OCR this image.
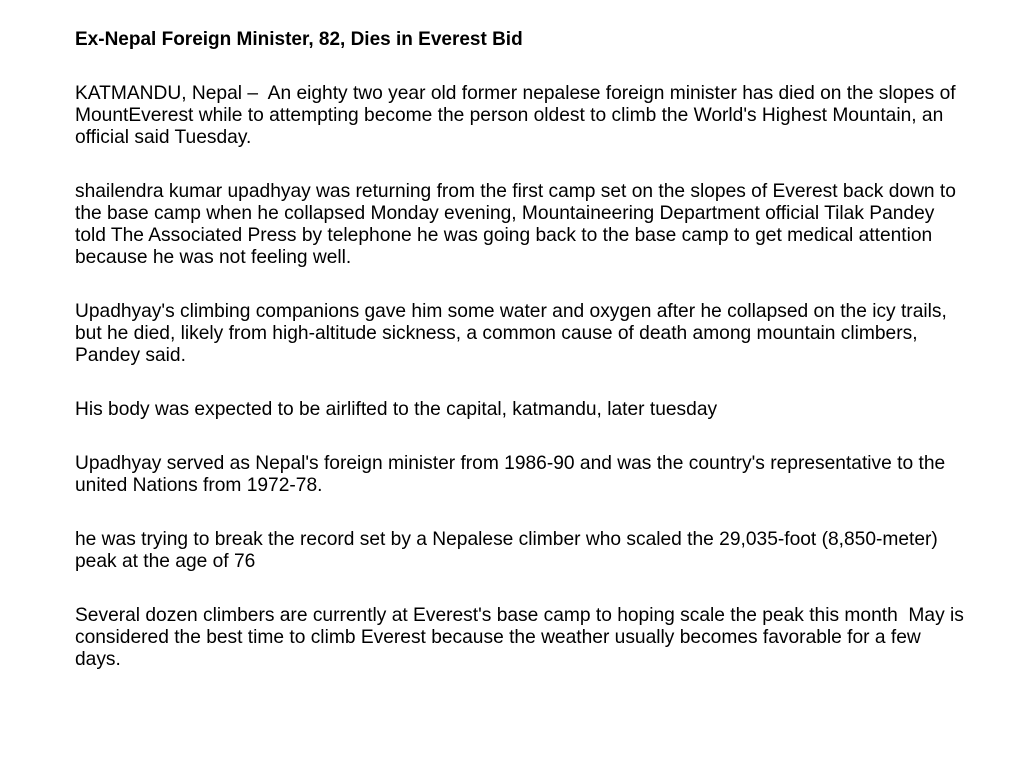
Ex-Nepal Foreign Minister, 82, Dies in Everest Bid

KATMANDU, Nepal –  An eighty two year old former nepalese foreign minister has died on the slopes of MountEverest while to attempting become the person oldest to climb the World's Highest Mountain, an official said Tuesday.

shailendra kumar upadhyay was returning from the first camp set on the slopes of Everest back down to the base camp when he collapsed Monday evening, Mountaineering Department official Tilak Pandey told The Associated Press by telephone he was going back to the base camp to get medical attention because he was not feeling well.

Upadhyay's climbing companions gave him some water and oxygen after he collapsed on the icy trails, but he died, likely from high-altitude sickness, a common cause of death among mountain climbers, Pandey said.

His body was expected to be airlifted to the capital, katmandu, later tuesday

Upadhyay served as Nepal's foreign minister from 1986-90 and was the country's representative to the united Nations from 1972-78.

he was trying to break the record set by a Nepalese climber who scaled the 29,035-foot (8,850-meter) peak at the age of 76

Several dozen climbers are currently at Everest's base camp to hoping scale the peak this month  May is considered the best time to climb Everest because the weather usually becomes favorable for a few days.
